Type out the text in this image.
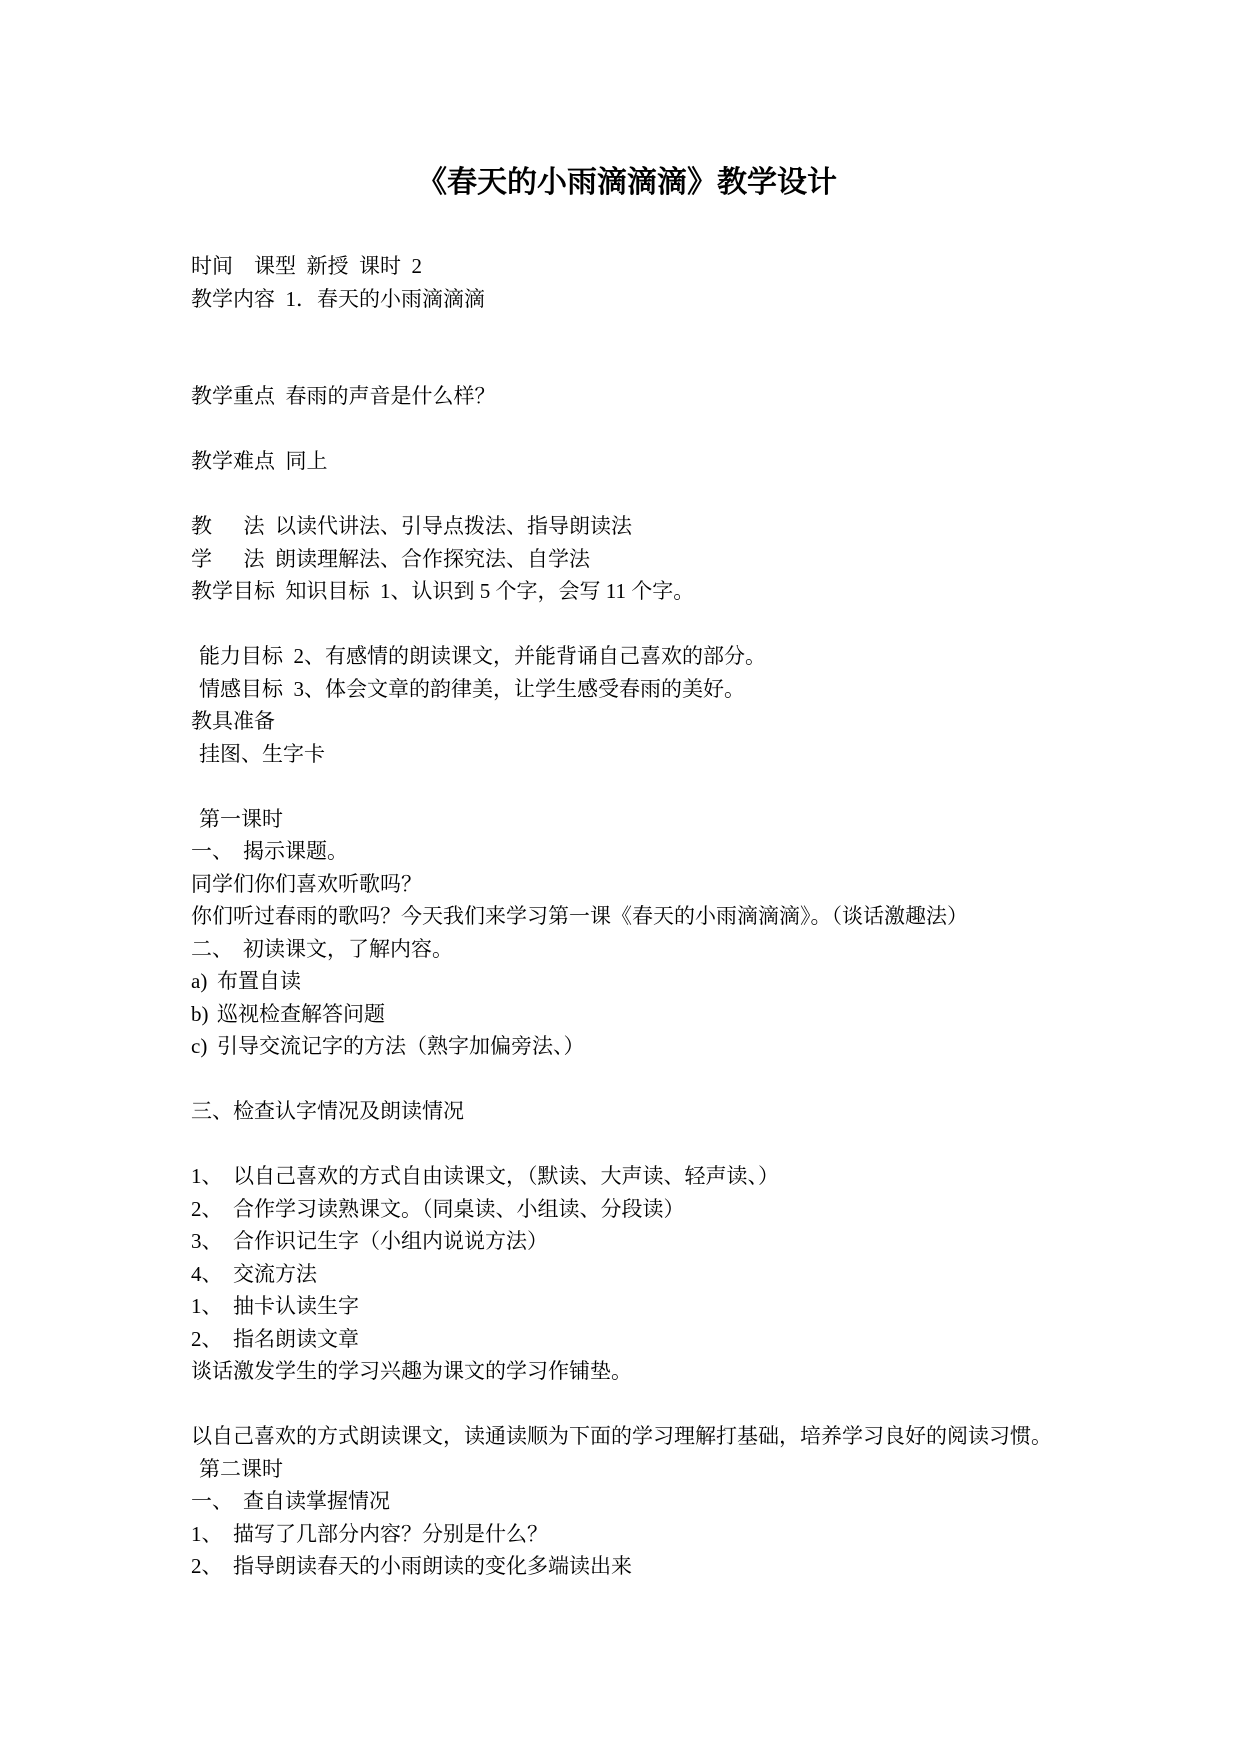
《春天的小雨滴滴滴》教学设计
时间    课型  新授  课时  2
教学内容  1．春天的小雨滴滴滴
教学重点  春雨的声音是什么样？
教学难点  同上
教      法  以读代讲法、引导点拨法、指导朗读法
学      法  朗读理解法、合作探究法、自学法
教学目标  知识目标  1、认识到 5 个字，会写 11 个字。
能力目标  2、有感情的朗读课文，并能背诵自己喜欢的部分。
情感目标  3、体会文章的韵律美，让学生感受春雨的美好。
教具准备
挂图、生字卡
第一课时
一、 揭示课题。
同学们你们喜欢听歌吗？
你们听过春雨的歌吗？今天我们来学习第一课《春天的小雨滴滴滴》。（谈话激趣法）
二、 初读课文，了解内容。
a) 布置自读
b) 巡视检查解答问题
c) 引导交流记字的方法（熟字加偏旁法、）
三、检查认字情况及朗读情况
1、 以自己喜欢的方式自由读课文，（默读、大声读、轻声读、）
2、 合作学习读熟课文。（同桌读、小组读、分段读）
3、 合作识记生字（小组内说说方法）
4、 交流方法
1、 抽卡认读生字
2、 指名朗读文章
谈话激发学生的学习兴趣为课文的学习作铺垫。
以自己喜欢的方式朗读课文，读通读顺为下面的学习理解打基础，培养学习良好的阅读习惯。
第二课时
一、 查自读掌握情况
1、 描写了几部分内容？分别是什么？
2、 指导朗读春天的小雨朗读的变化多端读出来
